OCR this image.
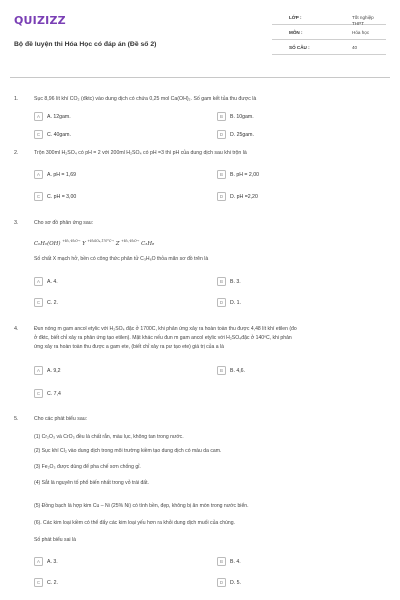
QUIZIZZ
Bộ đề luyện thi Hóa Học có đáp án (Đề số 2)
LỚP :	Tốt nghiệp THPT
MÔN :	Hóa học
SỐ CÂU :	40
1.	Sục 8,96 lít khí CO₂ (đktc) vào dung dịch có chứa 0,25 mol Ca(OH)₂. Số gam kết tủa thu được là
A	A. 12gam.	B	B. 10gam.
C	C. 40gam.	D	D. 25gam.
2.	Trộn 300ml H₂SO₄ có pH = 2 với 200ml H₂SO₄ có pH =3 thì pH của dung dịch sau khi trộn là
A	A. pH = 1,69	B	B. pH = 2,00
C	C. pH = 3,00	D	D. pH =2,20
3.	Cho sơ đồ phản ứng sau:
C₆H₆(OH) $^{+H_2,-H_2O\to}$ Y $^{+H_2SO_4,170^\circ C\to}$ Z $^{+H_2,-H_2O\to}$ C₃H₈
Số chất X mạch hở, bền có công thức phân tử C₃H₆O thỏa mãn sơ đồ trên là
A	A. 4.	B	B. 3.
C	C. 2.	D	D. 1.
4.	Đun nóng m gam ancol etylic với H₂SO₄ đặc ở 1700C, khi phản ứng xảy ra hoàn toàn thu được 4,48 lít khí etilen (đo
ở đktc, biết chỉ xảy ra phản ứng tạo etilen). Mặt khác nếu đun m gam ancol etylic với H₂SO₄đặc ở 140ºC, khi phản
ứng xảy ra hoàn toàn thu được a gam ete, (biết chỉ xảy ra pư tạo ete) giá trị của a là
A	A. 9,2	B	B. 4,6.
C	C. 7,4
5.	Cho các phát biểu sau:
(1) Cr₂O₃ và CrO₃ đều là chất rắn, màu lục, không tan trong nước.
(2) Sục khí Cl₂ vào dung dịch trong môi trường kiềm tạo dung dịch có màu da cam.
(3) Fe₂O₃ được dùng để pha chế sơn chống gỉ.
(4) Sắt là nguyên tố phổ biến nhất trong vỏ trái đất.
(5) Đồng bạch là hợp kim Cu – Ni (25% Ni) có tính bền, đẹp, không bị ăn mòn trong nước biển.
(6). Các kim loại kiềm có thể đẩy các kim loại yếu hơn ra khỏi dung dịch muối của chúng.
Số phát biểu sai là
A	A. 3.	B	B. 4.
C	C. 2.	D	D. 5.
